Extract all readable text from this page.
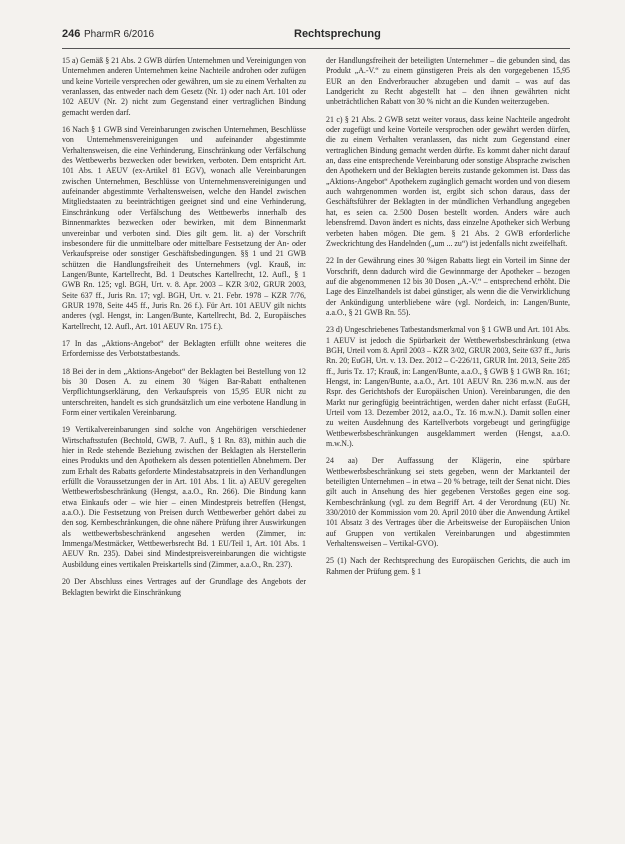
246 PharmR 6/2016	Rechtsprechung

15 a) Gemäß § 21 Abs. 2 GWB dürfen Unternehmen und Vereinigungen von Unternehmen anderen Unternehmen keine Nachteile androhen oder zufügen und keine Vorteile versprechen oder gewähren, um sie zu einem Verhalten zu veranlassen, das entweder nach dem Gesetz (Nr. 1) oder nach Art. 101 oder 102 AEUV (Nr. 2) nicht zum Gegenstand einer vertraglichen Bindung gemacht werden darf.

16 Nach § 1 GWB sind Vereinbarungen zwischen Unternehmen, Beschlüsse von Unternehmensvereinigungen und aufeinander abgestimmte Verhaltensweisen, die eine Verhinderung, Einschränkung oder Verfälschung des Wettbewerbs bezwecken oder bewirken, verboten. Dem entspricht Art. 101 Abs. 1 AEUV (ex-Artikel 81 EGV), wonach alle Vereinbarungen zwischen Unternehmen, Beschlüsse von Unternehmensvereinigungen und aufeinander abgestimmte Verhaltensweisen, welche den Handel zwischen Mitgliedstaaten zu beeinträchtigen geeignet sind und eine Verhinderung, Einschränkung oder Verfälschung des Wettbewerbs innerhalb des Binnenmarktes bezwecken oder bewirken, mit dem Binnenmarkt unvereinbar und verboten sind. Dies gilt gem. lit. a) der Vorschrift insbesondere für die unmittelbare oder mittelbare Festsetzung der An- oder Verkaufspreise oder sonstiger Geschäftsbedingungen. §§ 1 und 21 GWB schützen die Handlungsfreiheit des Unternehmers (vgl. Krauß, in: Langen/Bunte, Kartellrecht, Bd. 1 Deutsches Kartellrecht, 12. Aufl., § 1 GWB Rn. 125; vgl. BGH, Urt. v. 8. Apr. 2003 – KZR 3/02, GRUR 2003, Seite 637 ff., Juris Rn. 17; vgl. BGH, Urt. v. 21. Febr. 1978 – KZR 7/76, GRUR 1978, Seite 445 ff., Juris Rn. 26 f.). Für Art. 101 AEUV gilt nichts anderes (vgl. Hengst, in: Langen/Bunte, Kartellrecht, Bd. 2, Europäisches Kartellrecht, 12. Aufl., Art. 101 AEUV Rn. 175 f.).

17 In das „Aktions-Angebot“ der Beklagten erfüllt ohne weiteres die Erfordernisse des Verbotstatbestands.

18 Bei der in dem „Aktions-Angebot“ der Beklagten bei Bestellung von 12 bis 30 Dosen A. zu einem 30 %igen Bar-Rabatt enthaltenen Verpflichtungserklärung, den Verkaufspreis von 15,95 EUR nicht zu unterschreiten, handelt es sich grundsätzlich um eine verbotene Handlung in Form einer vertikalen Vereinbarung.

19 Vertikalvereinbarungen sind solche von Angehörigen verschiedener Wirtschaftsstufen (Bechtold, GWB, 7. Aufl., § 1 Rn. 83), mithin auch die hier in Rede stehende Beziehung zwischen der Beklagten als Herstellerin eines Produkts und den Apothekern als dessen potentiellen Abnehmern. Der zum Erhalt des Rabatts geforderte Mindestabsatzpreis in den Verhandlungen erfüllt die Voraussetzungen der in Art. 101 Abs. 1 lit. a) AEUV geregelten Wettbewerbsbeschränkung (Hengst, a.a.O., Rn. 266). Die Bindung kann etwa Einkaufs oder – wie hier – einen Mindestpreis betreffen (Hengst, a.a.O.). Die Festsetzung von Preisen durch Wettbewerber gehört dabei zu den sog. Kernbeschränkungen, die ohne nähere Prüfung ihrer Auswirkungen als wettbewerbsbeschränkend angesehen werden (Zimmer, in: Immenga/Mestmäcker, Wettbewerbsrecht Bd. 1 EU/Teil 1, Art. 101 Abs. 1 AEUV Rn. 235). Dabei sind Mindestpreisvereinbarungen die wichtigste Ausbildung eines vertikalen Preiskartells sind (Zimmer, a.a.O., Rn. 237).

20 Der Abschluss eines Vertrages auf der Grundlage des Angebots der Beklagten bewirkt die Einschränkung

der Handlungsfreiheit der beteiligten Unternehmer – die gebunden sind, das Produkt „A.-V.“ zu einem günstigeren Preis als den vorgegebenen 15,95 EUR an den Endverbraucher abzugeben und damit – was auf das Landgericht zu Recht abgestellt hat – den ihnen gewährten nicht unbeträchtlichen Rabatt von 30 % nicht an die Kunden weiterzugeben.

21 c) § 21 Abs. 2 GWB setzt weiter voraus, dass keine Nachteile angedroht oder zugefügt und keine Vorteile versprochen oder gewährt werden dürfen, die zu einem Verhalten veranlassen, das nicht zum Gegenstand einer vertraglichen Bindung gemacht werden dürfte. Es kommt daher nicht darauf an, dass eine entsprechende Vereinbarung oder sonstige Absprache zwischen den Apothekern und der Beklagten bereits zustande gekommen ist. Dass das „Aktions-Angebot“ Apothekern zugänglich gemacht worden und von diesem auch wahrgenommen worden ist, ergibt sich schon daraus, dass der Geschäftsführer der Beklagten in der mündlichen Verhandlung angegeben hat, es seien ca. 2.500 Dosen bestellt worden. Anders wäre auch lebensfremd. Davon ändert es nichts, dass einzelne Apotheker sich Werbung verbeten haben mögen. Die gem. § 21 Abs. 2 GWB erforderliche Zweckrichtung des Handelnden („um ... zu“) ist jedenfalls nicht zweifelhaft.

22 In der Gewährung eines 30 %igen Rabatts liegt ein Vorteil im Sinne der Vorschrift, denn dadurch wird die Gewinnmarge der Apotheker – bezogen auf die abgenommenen 12 bis 30 Dosen „A.-V.“ – entsprechend erhöht. Die Lage des Einzelhandels ist dabei günstiger, als wenn die die Verwirklichung der Ankündigung unterbliebene wäre (vgl. Nordeich, in: Langen/Bunte, a.a.O., § 21 GWB Rn. 55).

23 d) Ungeschriebenes Tatbestandsmerkmal von § 1 GWB und Art. 101 Abs. 1 AEUV ist jedoch die Spürbarkeit der Wettbewerbsbeschränkung (etwa BGH, Urteil vom 8. April 2003 – KZR 3/02, GRUR 2003, Seite 637 ff., Juris Rn. 20; EuGH, Urt. v. 13. Dez. 2012 – C-226/11, GRUR Int. 2013, Seite 285 ff., Juris Tz. 17; Krauß, in: Langen/Bunte, a.a.O., § GWB § 1 GWB Rn. 161; Hengst, in: Langen/Bunte, a.a.O., Art. 101 AEUV Rn. 236 m.w.N. aus der Rspr. des Gerichtshofs der Europäischen Union). Vereinbarungen, die den Markt nur geringfügig beeinträchtigen, werden daher nicht erfasst (EuGH, Urteil vom 13. Dezember 2012, a.a.O., Tz. 16 m.w.N.). Damit sollen einer zu weiten Ausdehnung des Kartellverbots vorgebeugt und geringfügige Wettbewerbsbeschränkungen ausgeklammert werden (Hengst, a.a.O. m.w.N.).

24 aa) Der Auffassung der Klägerin, eine spürbare Wettbewerbsbeschränkung sei stets gegeben, wenn der Marktanteil der beteiligten Unternehmen – in etwa – 20 % betrage, teilt der Senat nicht. Dies gilt auch in Ansehung des hier gegebenen Verstoßes gegen eine sog. Kernbeschränkung (vgl. zu dem Begriff Art. 4 der Verordnung (EU) Nr. 330/2010 der Kommission vom 20. April 2010 über die Anwendung Artikel 101 Absatz 3 des Vertrages über die Arbeitsweise der Europäischen Union auf Gruppen von vertikalen Vereinbarungen und abgestimmten Verhaltensweisen – Vertikal-GVO).

25 (1) Nach der Rechtsprechung des Europäischen Gerichts, die auch im Rahmen der Prüfung gem. § 1
